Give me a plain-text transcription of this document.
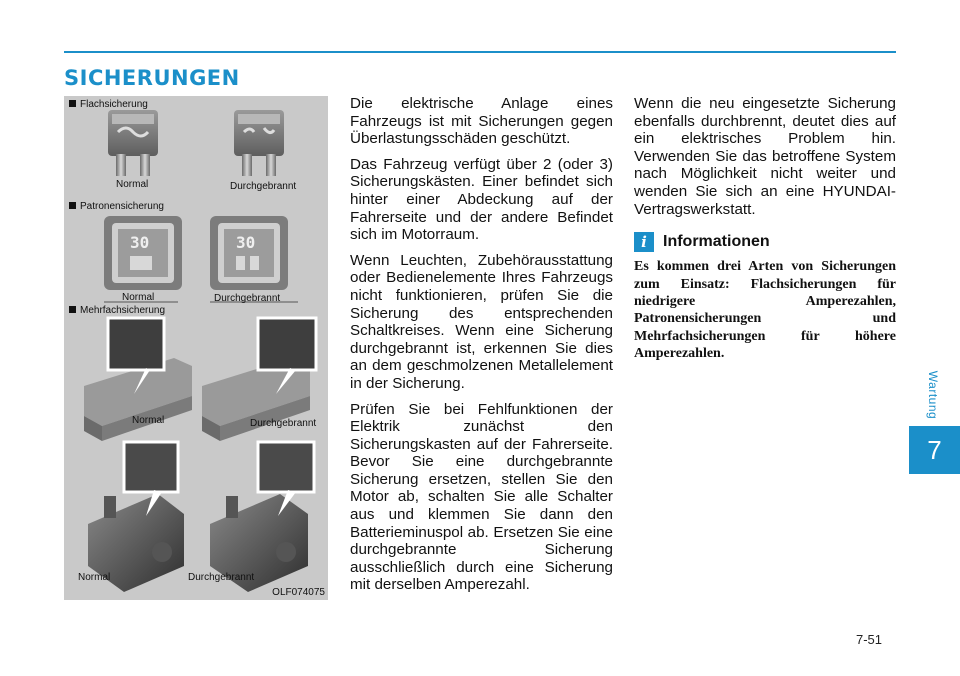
SICHERUNGEN
30	30
Flachsicherung
Normal	Durchgebrannt
Patronensicherung
Normal	Durchgebrannt
Mehrfachsicherung
Normal	Durchgebrannt
Normal	Durchgebrannt
OLF074075

Die elektrische Anlage eines Fahrzeugs ist mit Sicherungen gegen Überlastungsschäden geschützt.

Das Fahrzeug verfügt über 2 (oder 3) Sicherungskästen. Einer befindet sich hinter einer Abdeckung auf der Fahrerseite und der andere Befindet sich im Motorraum.

Wenn Leuchten, Zubehörausstattung oder Bedienelemente Ihres Fahrzeugs nicht funktionieren, prüfen Sie die Sicherung des entsprechenden Schaltkreises. Wenn eine Sicherung durchgebrannt ist, erkennen Sie dies an dem geschmolzenen Metallelement in der Sicherung.

Prüfen Sie bei Fehlfunktionen der Elektrik zunächst den Sicherungskasten auf der Fahrerseite. Bevor Sie eine durchgebrannte Sicherung ersetzen, stellen Sie den Motor ab, schalten Sie alle Schalter aus und klemmen Sie dann den Batterieminuspol ab. Ersetzen Sie eine durchgebrannte Sicherung ausschließlich durch eine Sicherung mit derselben Amperezahl.

Wenn die neu eingesetzte Sicherung ebenfalls durchbrennt, deutet dies auf ein elektrisches Problem hin. Verwenden Sie das betroffene System nach Möglichkeit nicht weiter und wenden Sie sich an eine HYUNDAI-Vertragswerkstatt.

i	Informationen

Es kommen drei Arten von Sicherungen zum Einsatz: Flachsicherungen für niedrigere Amperezahlen, Patronensicherungen und Mehrfachsicherungen für höhere Amperezahlen.

Wartung
7
7-51
